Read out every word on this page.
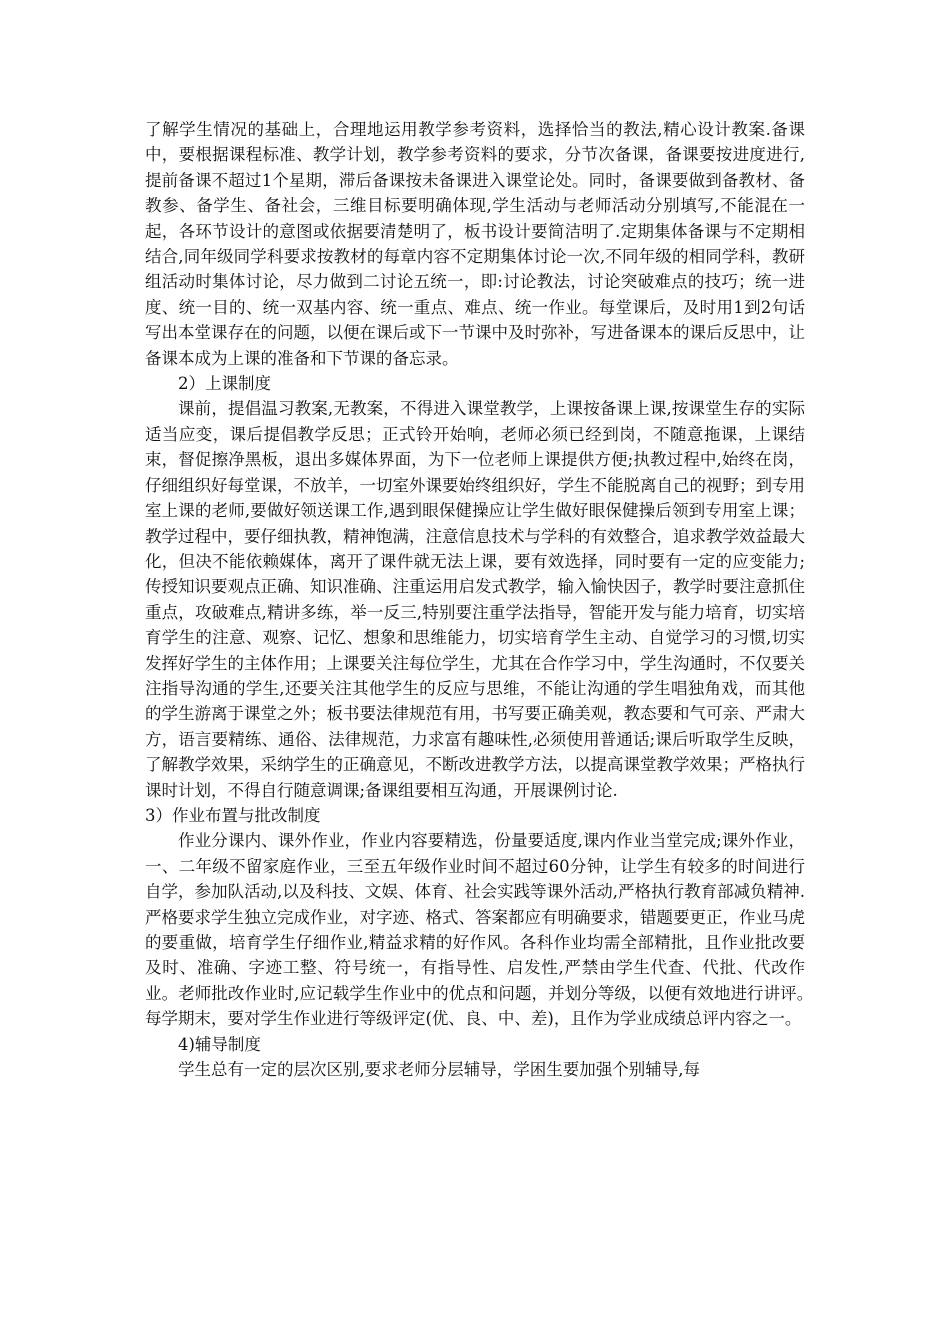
了解学生情况的基础上，合理地运用教学参考资料，选择恰当的教法,精心设计教案.备课中，要根据课程标准、教学计划，教学参考资料的要求，分节次备课，备课要按进度进行,提前备课不超过1个星期，滞后备课按未备课进入课堂论处。同时，备课要做到备教材、备教参、备学生、备社会，三维目标要明确体现,学生活动与老师活动分别填写,不能混在一起，各环节设计的意图或依据要清楚明了，板书设计要简洁明了.定期集体备课与不定期相结合,同年级同学科要求按教材的每章内容不定期集体讨论一次,不同年级的相同学科，教研组活动时集体讨论，尽力做到二讨论五统一，即:讨论教法，讨论突破难点的技巧；统一进度、统一目的、统一双基内容、统一重点、难点、统一作业。每堂课后，及时用1到2句话写出本堂课存在的问题，以便在课后或下一节课中及时弥补，写进备课本的课后反思中，让备课本成为上课的准备和下节课的备忘录。

2）上课制度

课前，提倡温习教案,无教案，不得进入课堂教学，上课按备课上课,按课堂生存的实际适当应变，课后提倡教学反思；正式铃开始响，老师必须已经到岗，不随意拖课，上课结束，督促擦净黑板，退出多媒体界面，为下一位老师上课提供方便;执教过程中,始终在岗，仔细组织好每堂课，不放羊，一切室外课要始终组织好，学生不能脱离自己的视野；到专用室上课的老师,要做好领送课工作,遇到眼保健操应让学生做好眼保健操后领到专用室上课；教学过程中，要仔细执教，精神饱满，注意信息技术与学科的有效整合，追求教学效益最大化，但决不能依赖媒体，离开了课件就无法上课，要有效选择，同时要有一定的应变能力;传授知识要观点正确、知识准确、注重运用启发式教学，输入愉快因子，教学时要注意抓住重点，攻破难点,精讲多练，举一反三,特别要注重学法指导，智能开发与能力培育，切实培育学生的注意、观察、记忆、想象和思维能力，切实培育学生主动、自觉学习的习惯,切实发挥好学生的主体作用；上课要关注每位学生，尤其在合作学习中，学生沟通时，不仅要关注指导沟通的学生,还要关注其他学生的反应与思维，不能让沟通的学生唱独角戏，而其他的学生游离于课堂之外；板书要法律规范有用，书写要正确美观，教态要和气可亲、严肃大方，语言要精练、通俗、法律规范，力求富有趣味性,必须使用普通话;课后听取学生反映，了解教学效果，采纳学生的正确意见，不断改进教学方法，以提高课堂教学效果；严格执行课时计划，不得自行随意调课;备课组要相互沟通，开展课例讨论.

3）作业布置与批改制度

作业分课内、课外作业，作业内容要精选，份量要适度,课内作业当堂完成;课外作业，一、二年级不留家庭作业，三至五年级作业时间不超过60分钟，让学生有较多的时间进行自学，参加队活动,以及科技、文娱、体育、社会实践等课外活动,严格执行教育部减负精神.严格要求学生独立完成作业，对字迹、格式、答案都应有明确要求，错题要更正，作业马虎的要重做，培育学生仔细作业,精益求精的好作风。各科作业均需全部精批，且作业批改要及时、准确、字迹工整、符号统一，有指导性、启发性,严禁由学生代查、代批、代改作业。老师批改作业时,应记载学生作业中的优点和问题，并划分等级，以便有效地进行讲评。　每学期末，要对学生作业进行等级评定(优、良、中、差)，且作为学业成绩总评内容之一。

4)辅导制度

学生总有一定的层次区别,要求老师分层辅导，学困生要加强个别辅导,每
